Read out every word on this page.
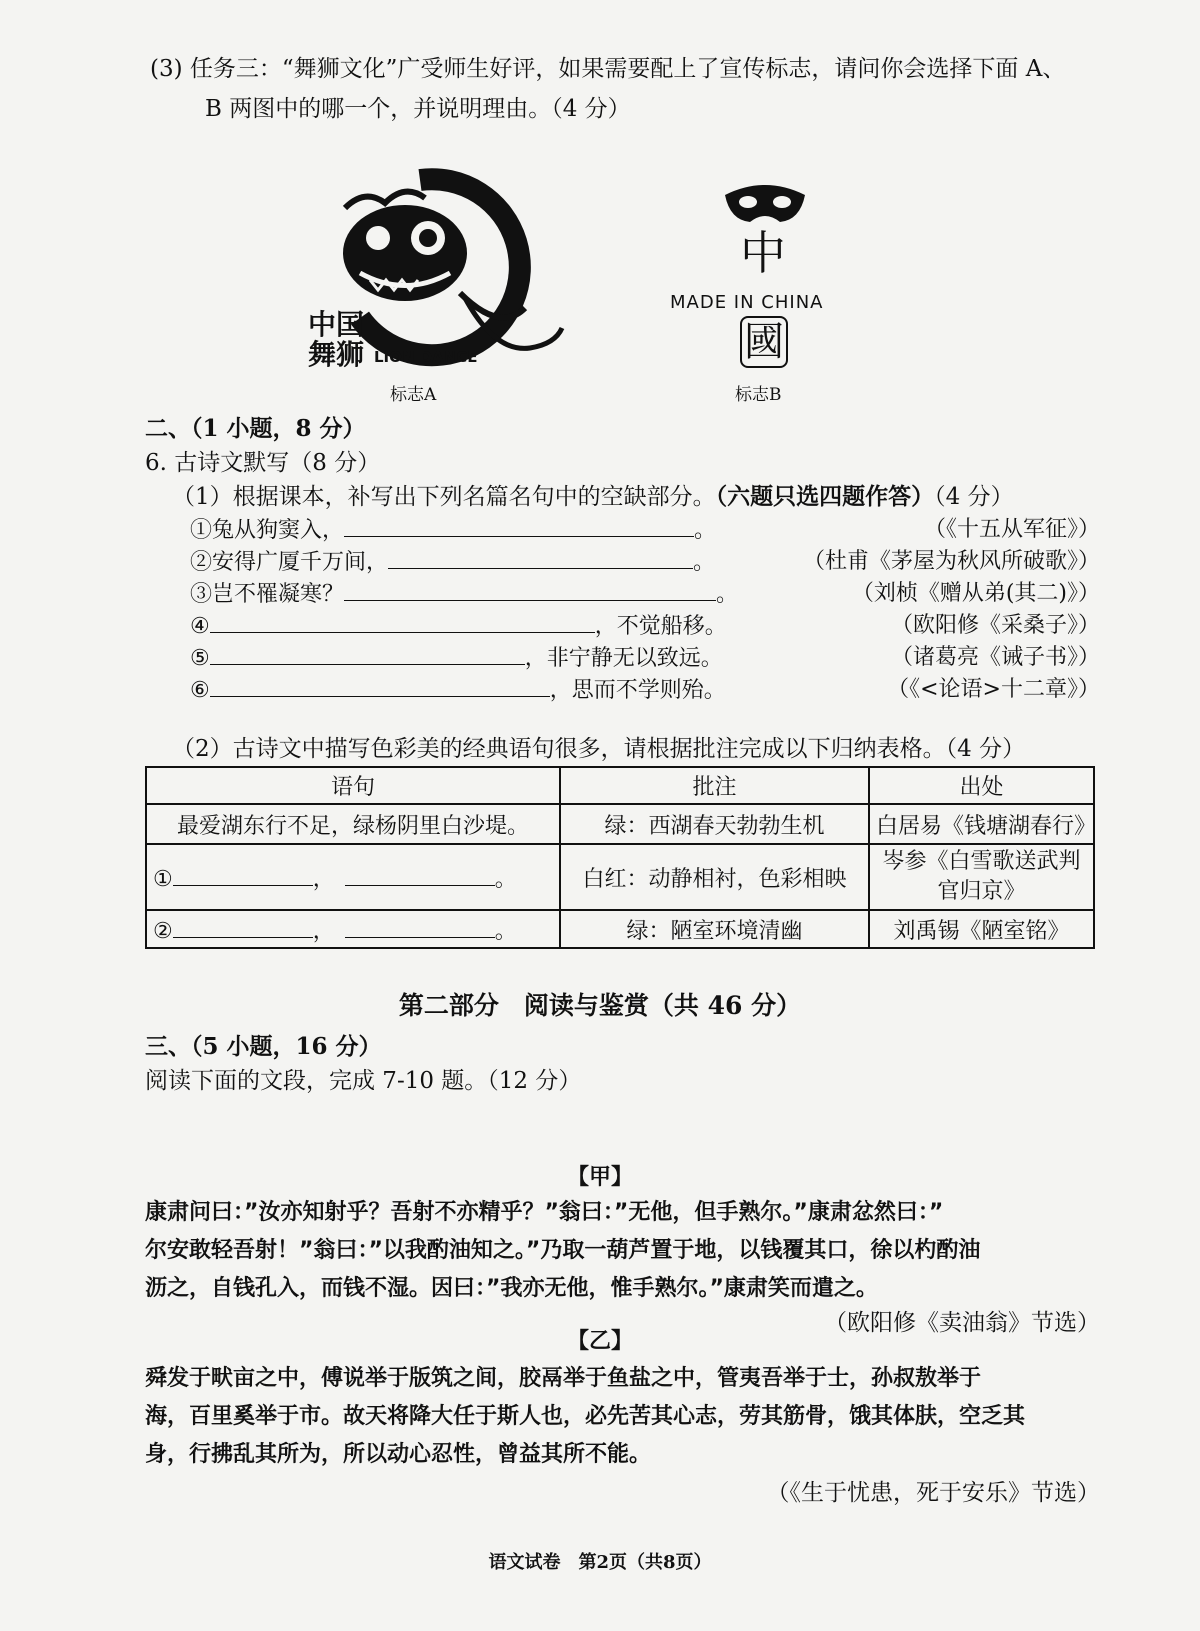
(3) 任务三：“舞狮文化”广受师生好评，如果需要配上了宣传标志，请问你会选择下面 A、
B 两图中的哪一个，并说明理由。（4 分）
中国
舞狮 LION DANCE
标志A
中
MADE IN CHINA
國
标志B
二、（1 小题，8 分）
6. 古诗文默写（8 分）
（1）根据课本，补写出下列名篇名句中的空缺部分。（六题只选四题作答）（4 分）
①兔从狗窦入，	。	（《十五从军征》）
②安得广厦千万间，	。	（杜甫《茅屋为秋风所破歌》）
③岂不罹凝寒？	。	（刘桢《赠从弟(其二)》）
④	，不觉船移。	（欧阳修《采桑子》）
⑤	，非宁静无以致远。	（诸葛亮《诫子书》）
⑥	，思而不学则殆。	（《<论语>十二章》）
（2）古诗文中描写色彩美的经典语句很多，请根据批注完成以下归纳表格。（4 分）
语句	批注	出处
最爱湖东行不足，绿杨阴里白沙堤。	绿：西湖春天勃勃生机	白居易《钱塘湖春行》
① ， 。	白红：动静相衬，色彩相映	岑参《白雪歌送武判官归京》
② ， 。	绿：陋室环境清幽	刘禹锡《陋室铭》
第二部分　阅读与鉴赏（共 46 分）
三、（5 小题，16 分）
阅读下面的文段，完成 7-10 题。（12 分）
【甲】
康肃问曰：”汝亦知射乎？吾射不亦精乎？”翁曰：”无他，但手熟尔。”康肃忿然曰：”
尔安敢轻吾射！”翁曰：”以我酌油知之。”乃取一葫芦置于地，以钱覆其口，徐以杓酌油
沥之，自钱孔入，而钱不湿。因曰：”我亦无他，惟手熟尔。”康肃笑而遣之。
（欧阳修《卖油翁》节选）
【乙】
舜发于畎亩之中，傅说举于版筑之间，胶鬲举于鱼盐之中，管夷吾举于士，孙叔敖举于
海，百里奚举于市。故天将降大任于斯人也，必先苦其心志，劳其筋骨，饿其体肤，空乏其
身，行拂乱其所为，所以动心忍性，曾益其所不能。
（《生于忧患，死于安乐》节选）
语文试卷　第2页（共8页）
